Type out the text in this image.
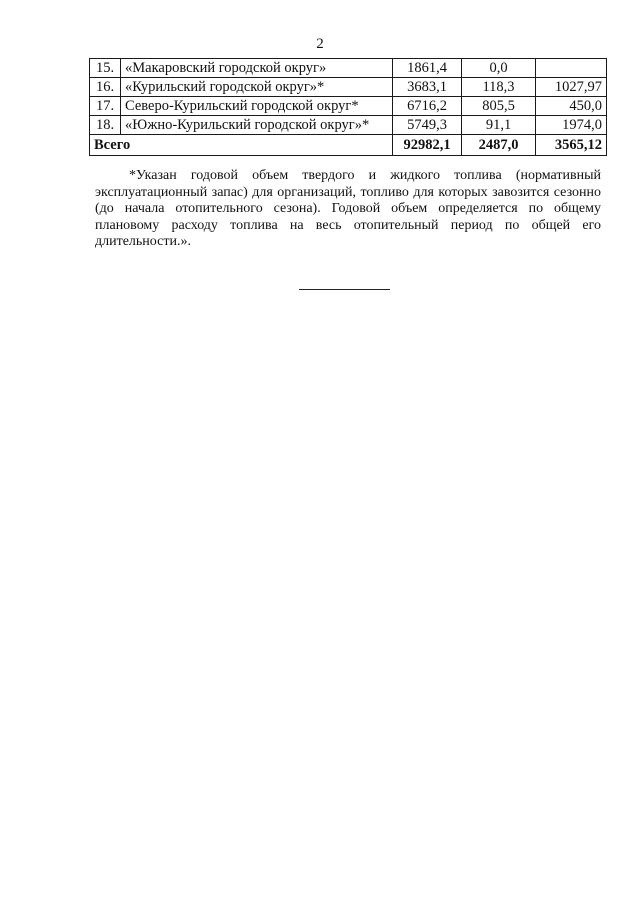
2
15.	«Макаровский городской округ»	1861,4	0,0	
16.	«Курильский городской округ»*	3683,1	118,3	1027,97
17.	Северо-Курильский городской округ*	6716,2	805,5	450,0
18.	«Южно-Курильский городской округ»*	5749,3	91,1	1974,0
Всего		92982,1	2487,0	3565,12

*Указан годовой объем твердого и жидкого топлива (нормативный эксплуатационный запас) для организаций, топливо для которых завозится сезонно (до начала отопительного сезона). Годовой объем определяется по общему плановому расходу топлива на весь отопительный период по общей его длительности.».
